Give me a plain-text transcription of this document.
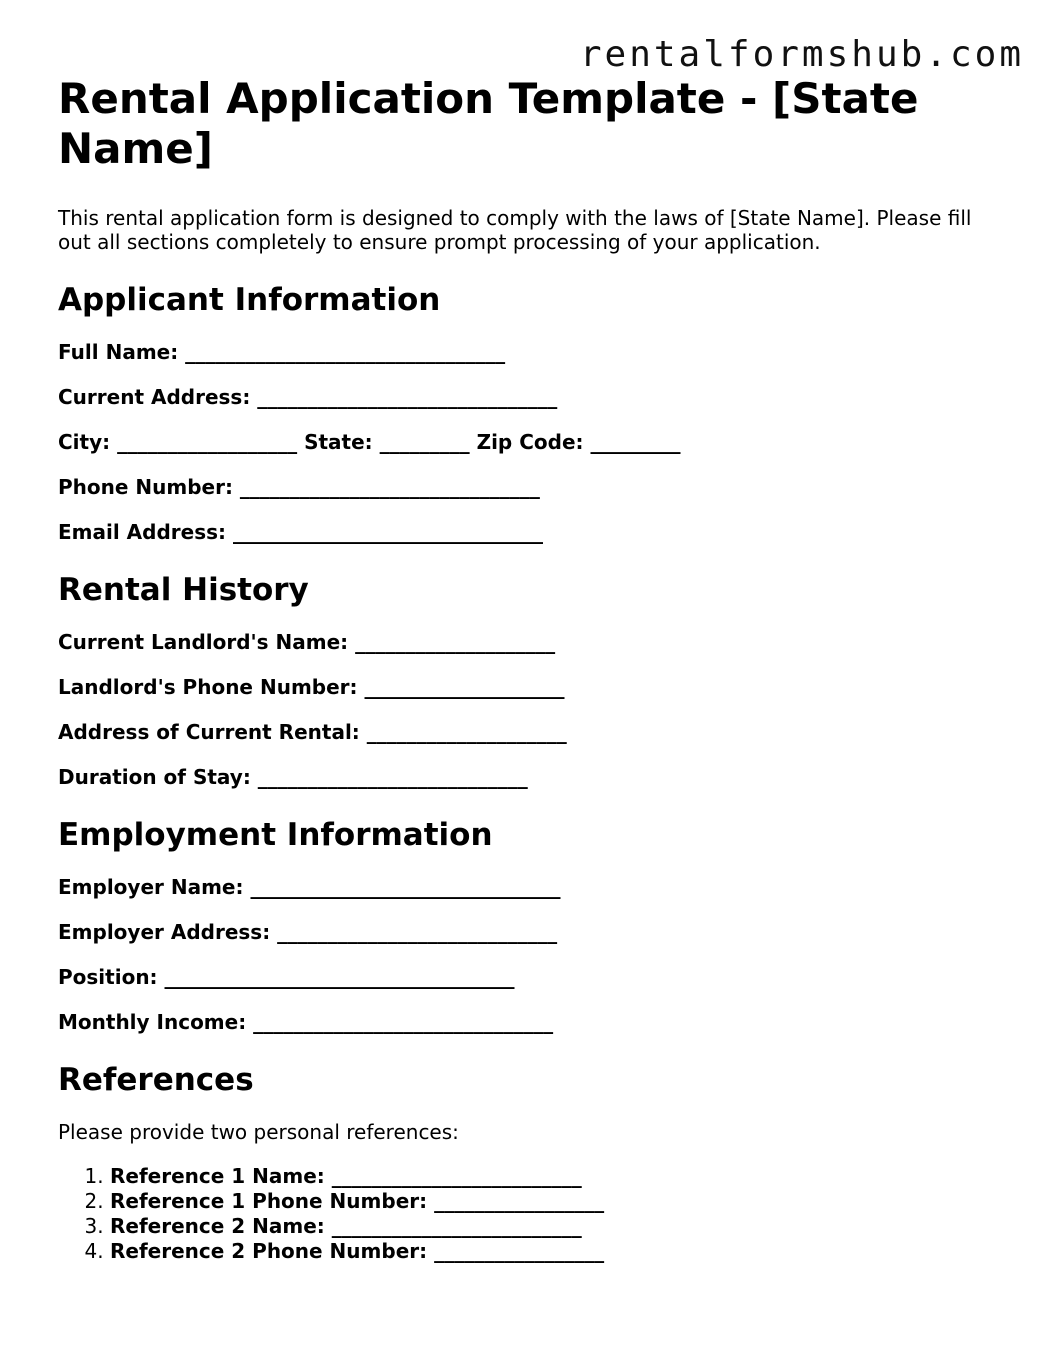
rentalformshub.com
Rental Application Template - [State Name]

This rental application form is designed to comply with the laws of [State Name]. Please fill out all sections completely to ensure prompt processing of your application.

Applicant Information
Full Name: ________________________________
Current Address: ______________________________
City: __________________ State: _________ Zip Code: _________
Phone Number: ______________________________
Email Address: _______________________________
Rental History
Current Landlord's Name: ____________________
Landlord's Phone Number: ____________________
Address of Current Rental: ____________________
Duration of Stay: ___________________________
Employment Information
Employer Name: _______________________________
Employer Address: ____________________________
Position: ___________________________________
Monthly Income: ______________________________
References
Please provide two personal references:
1. Reference 1 Name: _________________________
2. Reference 1 Phone Number: _________________
3. Reference 2 Name: _________________________
4. Reference 2 Phone Number: _________________
